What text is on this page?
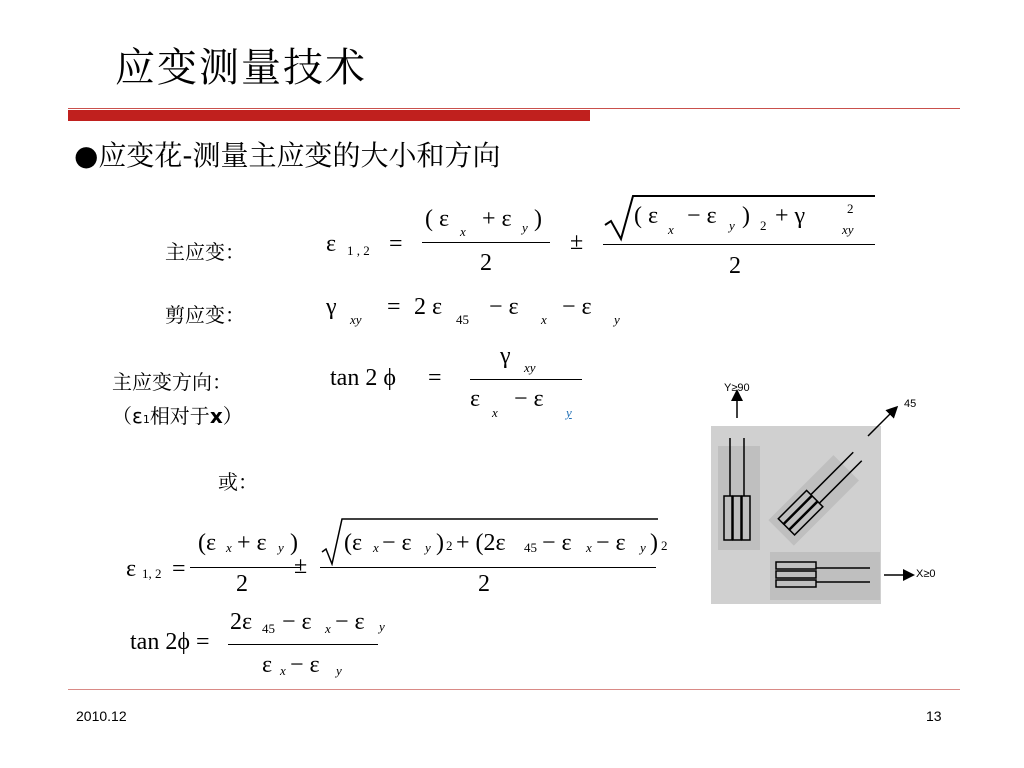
应变测量技术
●应变花-测量主应变的大小和方向
主应变：
剪应变：
主应变方向：
（ε1相对于x）
或：
ε 1 , 2 =
( ε x + ε y )
2
±
( ε
x
− ε y ) 2 + γ	2
xy
2
γ xy = 2 ε 45 − ε x − ε y
tan 2 ϕ =
γ xy
ε
x
− ε
y
ε 1, 2 =
(ε x + ε y )
2
±
(ε x − ε y ) 2 + (2ε 45 − ε x − ε y ) 2
2
tan 2ϕ =
2ε 45 − ε x − ε y
ε x − ε y
Y≥90
45
X≥0
2010.12	13
